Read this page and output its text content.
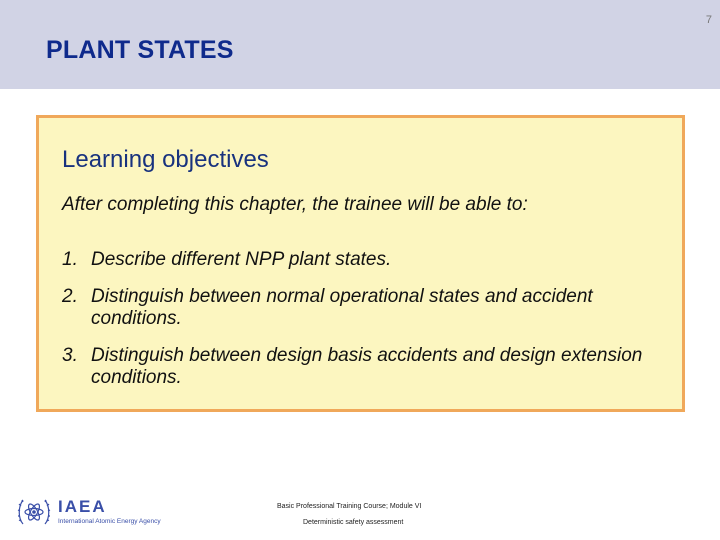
7
PLANT STATES
Learning objectives
After completing this chapter, the trainee will be able to:
1. Describe different NPP plant states.
2. Distinguish between normal operational states and accident conditions.
3. Distinguish between design basis accidents and design extension conditions.
IAEA
International Atomic Energy Agency
Basic Professional Training Course; Module VI
Deterministic safety assessment
